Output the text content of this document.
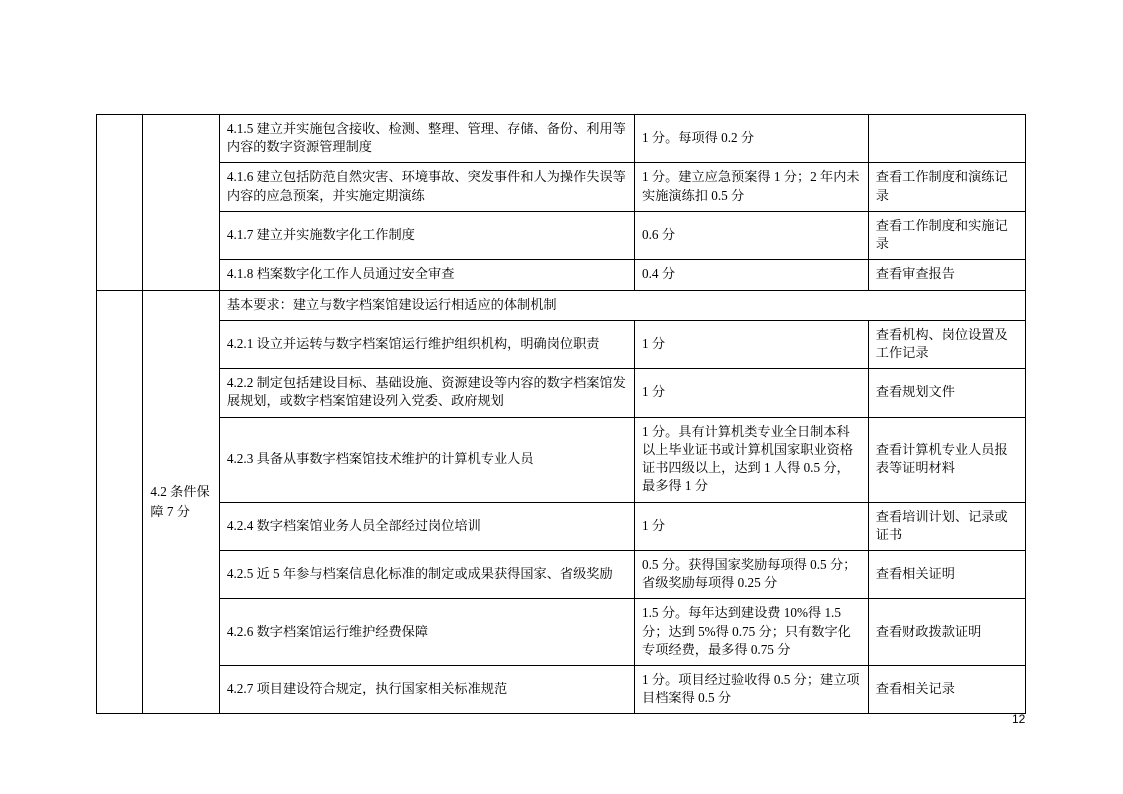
		4.1.5 建立并实施包含接收、检测、整理、管理、存储、备份、利用等内容的数字资源管理制度	1 分。每项得 0.2 分	

		4.1.6 建立包括防范自然灾害、环境事故、突发事件和人为操作失误等内容的应急预案，并实施定期演练	1 分。建立应急预案得 1 分；2 年内未实施演练扣 0.5 分	查看工作制度和演练记录

		4.1.7 建立并实施数字化工作制度	0.6 分	查看工作制度和实施记录

		4.1.8 档案数字化工作人员通过安全审查	0.4 分	查看审查报告

	4.2 条件保障 7 分	基本要求：建立与数字档案馆建设运行相适应的体制机制		

		4.2.1 设立并运转与数字档案馆运行维护组织机构，明确岗位职责	1 分	查看机构、岗位设置及工作记录

		4.2.2 制定包括建设目标、基础设施、资源建设等内容的数字档案馆发展规划，或数字档案馆建设列入党委、政府规划	1 分	查看规划文件

		4.2.3 具备从事数字档案馆技术维护的计算机专业人员	1 分。具有计算机类专业全日制本科以上毕业证书或计算机国家职业资格证书四级以上，达到 1 人得 0.5 分，最多得 1 分	查看计算机专业人员报表等证明材料

		4.2.4 数字档案馆业务人员全部经过岗位培训	1 分	查看培训计划、记录或证书

		4.2.5 近 5 年参与档案信息化标准的制定或成果获得国家、省级奖励	0.5 分。获得国家奖励每项得 0.5 分；省级奖励每项得 0.25 分	查看相关证明

		4.2.6 数字档案馆运行维护经费保障	1.5 分。每年达到建设费 10%得 1.5 分；达到 5%得 0.75 分；只有数字化专项经费，最多得 0.75 分	查看财政拨款证明

		4.2.7 项目建设符合规定，执行国家相关标准规范	1 分。项目经过验收得 0.5 分；建立项目档案得 0.5 分	查看相关记录
12
